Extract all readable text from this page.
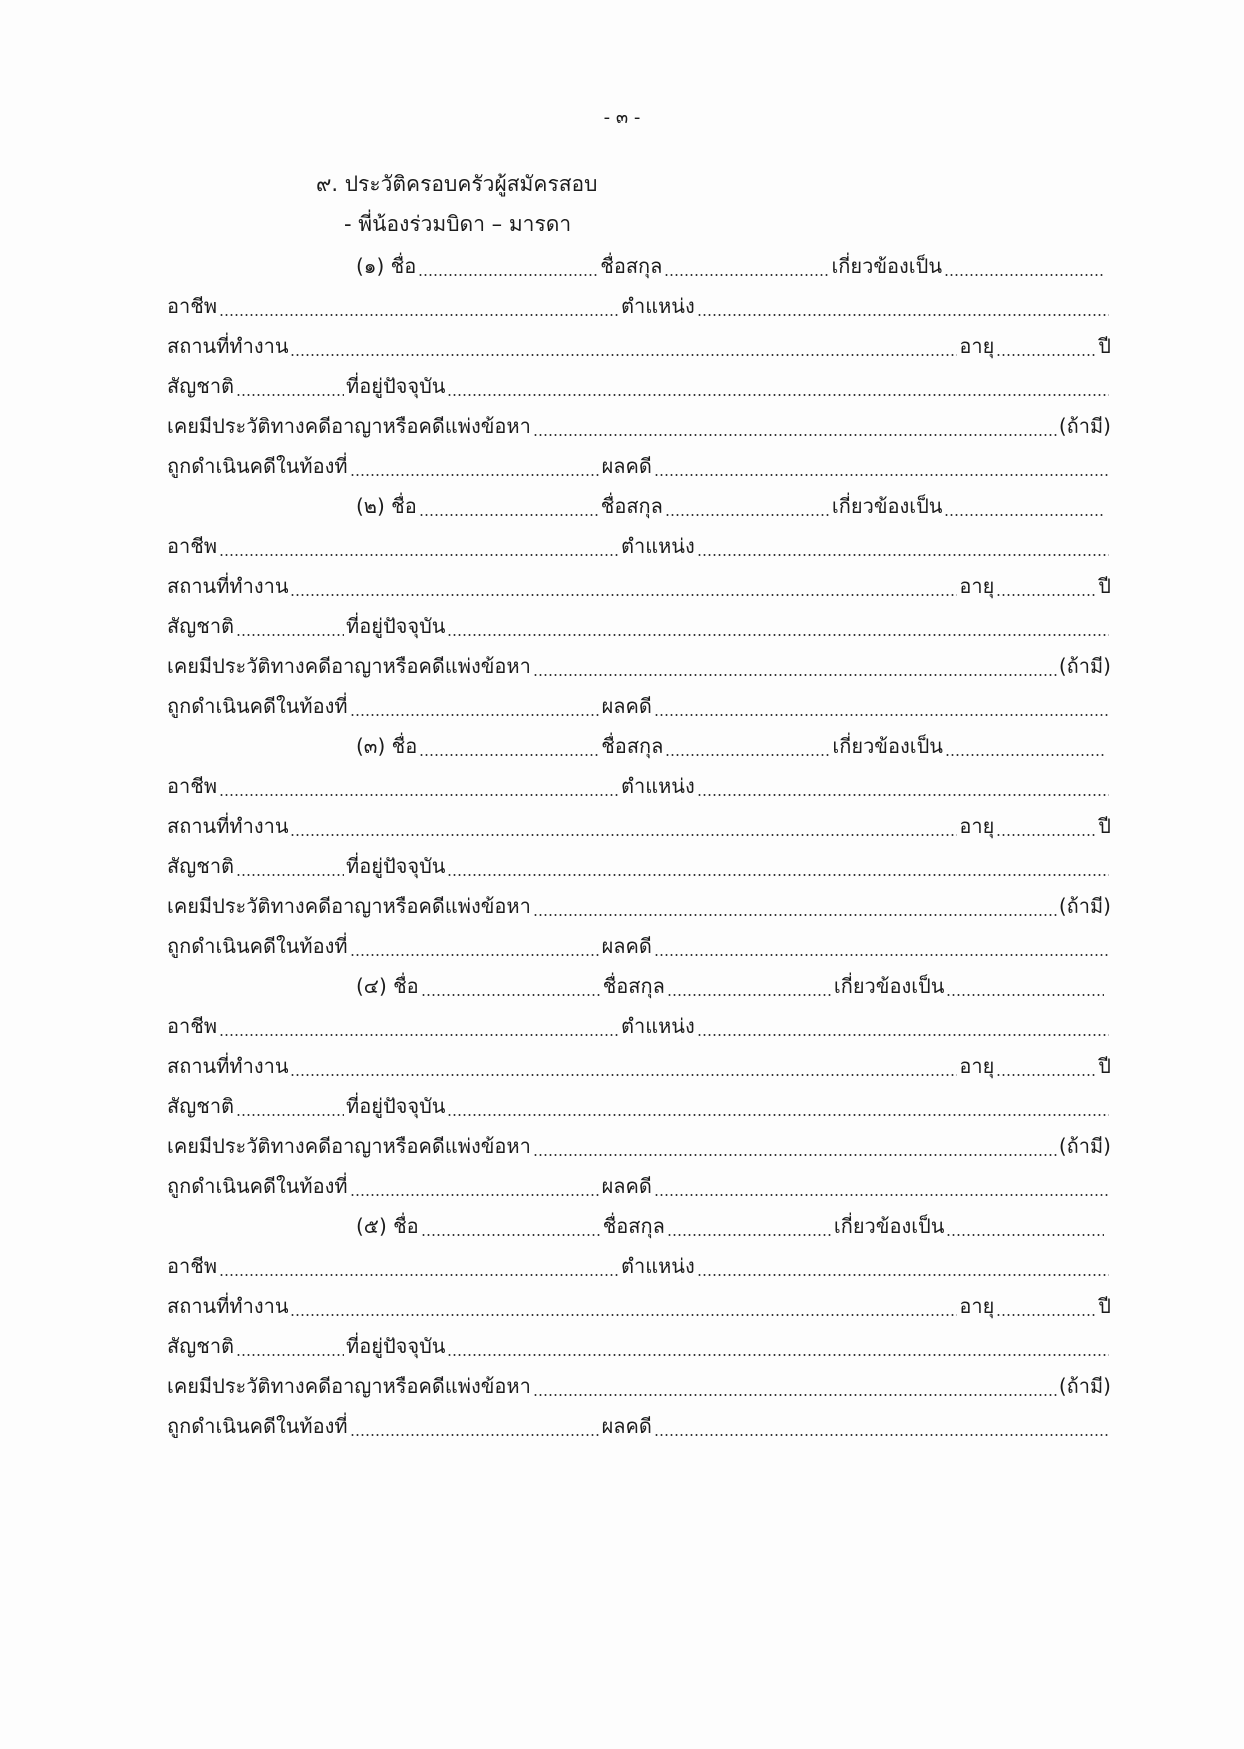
- ๓ -
๙. ประวัติครอบครัวผู้สมัครสอบ
- พี่น้องร่วมบิดา – มารดา
(๑)
ชื่อ	ชื่อสกุล	เกี่ยวข้องเป็น
อาชีพ	ตำแหน่ง
สถานที่ทำงาน	อายุ	ปี
สัญชาติ	ที่อยู่ปัจจุบัน
เคยมีประวัติทางคดีอาญาหรือคดีแพ่งข้อหา	(ถ้ามี)
ถูกดำเนินคดีในท้องที่	ผลคดี
(๒)
ชื่อ	ชื่อสกุล	เกี่ยวข้องเป็น
อาชีพ	ตำแหน่ง
สถานที่ทำงาน	อายุ	ปี
สัญชาติ	ที่อยู่ปัจจุบัน
เคยมีประวัติทางคดีอาญาหรือคดีแพ่งข้อหา	(ถ้ามี)
ถูกดำเนินคดีในท้องที่	ผลคดี
(๓)
ชื่อ	ชื่อสกุล	เกี่ยวข้องเป็น
อาชีพ	ตำแหน่ง
สถานที่ทำงาน	อายุ	ปี
สัญชาติ	ที่อยู่ปัจจุบัน
เคยมีประวัติทางคดีอาญาหรือคดีแพ่งข้อหา	(ถ้ามี)
ถูกดำเนินคดีในท้องที่	ผลคดี
(๔)
ชื่อ	ชื่อสกุล	เกี่ยวข้องเป็น
อาชีพ	ตำแหน่ง
สถานที่ทำงาน	อายุ	ปี
สัญชาติ	ที่อยู่ปัจจุบัน
เคยมีประวัติทางคดีอาญาหรือคดีแพ่งข้อหา	(ถ้ามี)
ถูกดำเนินคดีในท้องที่	ผลคดี
(๕)
ชื่อ	ชื่อสกุล	เกี่ยวข้องเป็น
อาชีพ	ตำแหน่ง
สถานที่ทำงาน	อายุ	ปี
สัญชาติ	ที่อยู่ปัจจุบัน
เคยมีประวัติทางคดีอาญาหรือคดีแพ่งข้อหา	(ถ้ามี)
ถูกดำเนินคดีในท้องที่	ผลคดี
